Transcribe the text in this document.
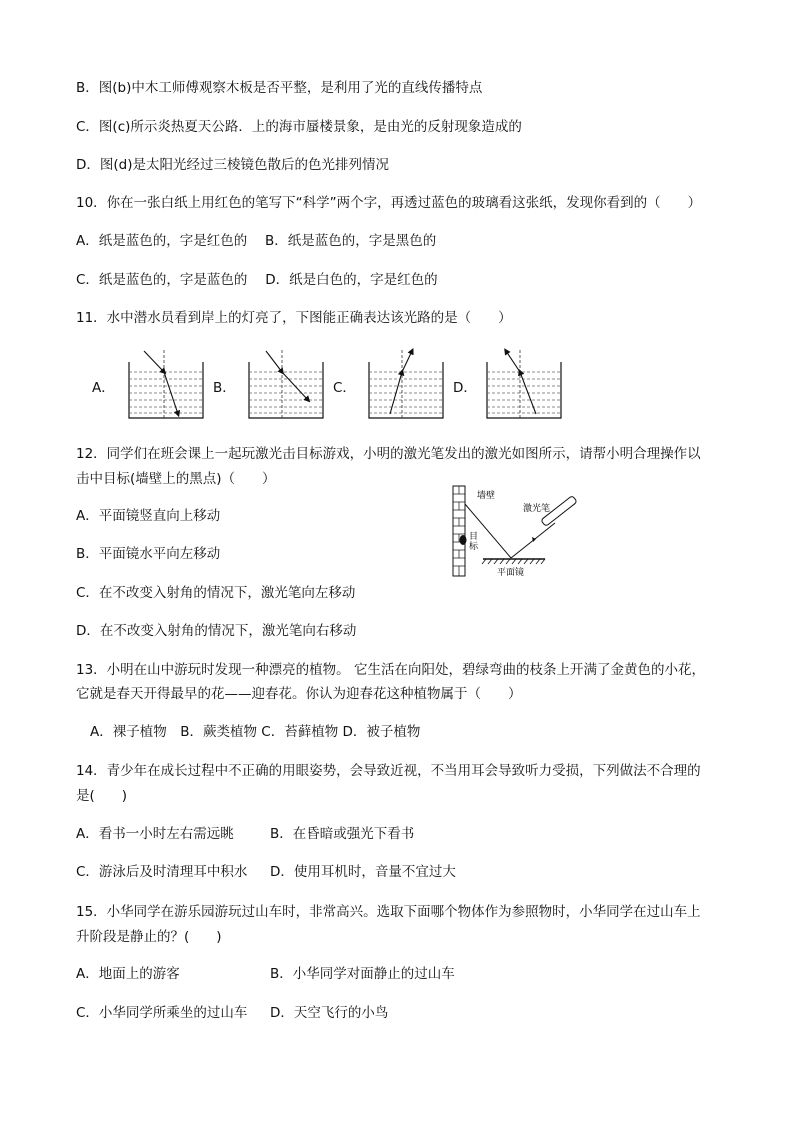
B．图(b)中木工师傅观察木板是否平整，是利用了光的直线传播特点
C．图(c)所示炎热夏天公路．上的海市蜃楼景象，是由光的反射现象造成的
D．图(d)是太阳光经过三棱镜色散后的色光排列情况
10．你在一张白纸上用红色的笔写下“科学”两个字，再透过蓝色的玻璃看这张纸，发现你看到的（　　）
A．纸是蓝色的，字是红色的　 B．纸是蓝色的，字是黑色的
C．纸是蓝色的，字是蓝色的　 D．纸是白色的，字是红色的
11．水中潜水员看到岸上的灯亮了，下图能正确表达该光路的是（　　）
A．	B．	C．	D．
12．同学们在班会课上一起玩激光击目标游戏，小明的激光笔发出的激光如图所示，请帮小明合理操作以
击中目标(墙壁上的黑点)（　　）
A．平面镜竖直向上移动
B．平面镜水平向左移动
C．在不改变入射角的情况下，激光笔向左移动
D．在不改变入射角的情况下，激光笔向右移动
墙壁
激光笔
目
标
平面镜
13．小明在山中游玩时发现一种漂亮的植物。 它生活在向阳处，碧绿弯曲的枝条上开满了金黄色的小花，
它就是春天开得最早的花——迎春花。你认为迎春花这种植物属于（　　）
A．裸子植物　B．蕨类植物 C．苔藓植物 D．被子植物
14．青少年在成长过程中不正确的用眼姿势，会导致近视，不当用耳会导致听力受损，下列做法不合理的
是(　　)
A．看书一小时左右需远眺	B．在昏暗或强光下看书
C．游泳后及时清理耳中积水 D．使用耳机时，音量不宜过大
15．小华同学在游乐园游玩过山车时，非常高兴。选取下面哪个物体作为参照物时，小华同学在过山车上
升阶段是静止的？(　　)
A．地面上的游客	B．小华同学对面静止的过山车
C．小华同学所乘坐的过山车 D．天空飞行的小鸟
